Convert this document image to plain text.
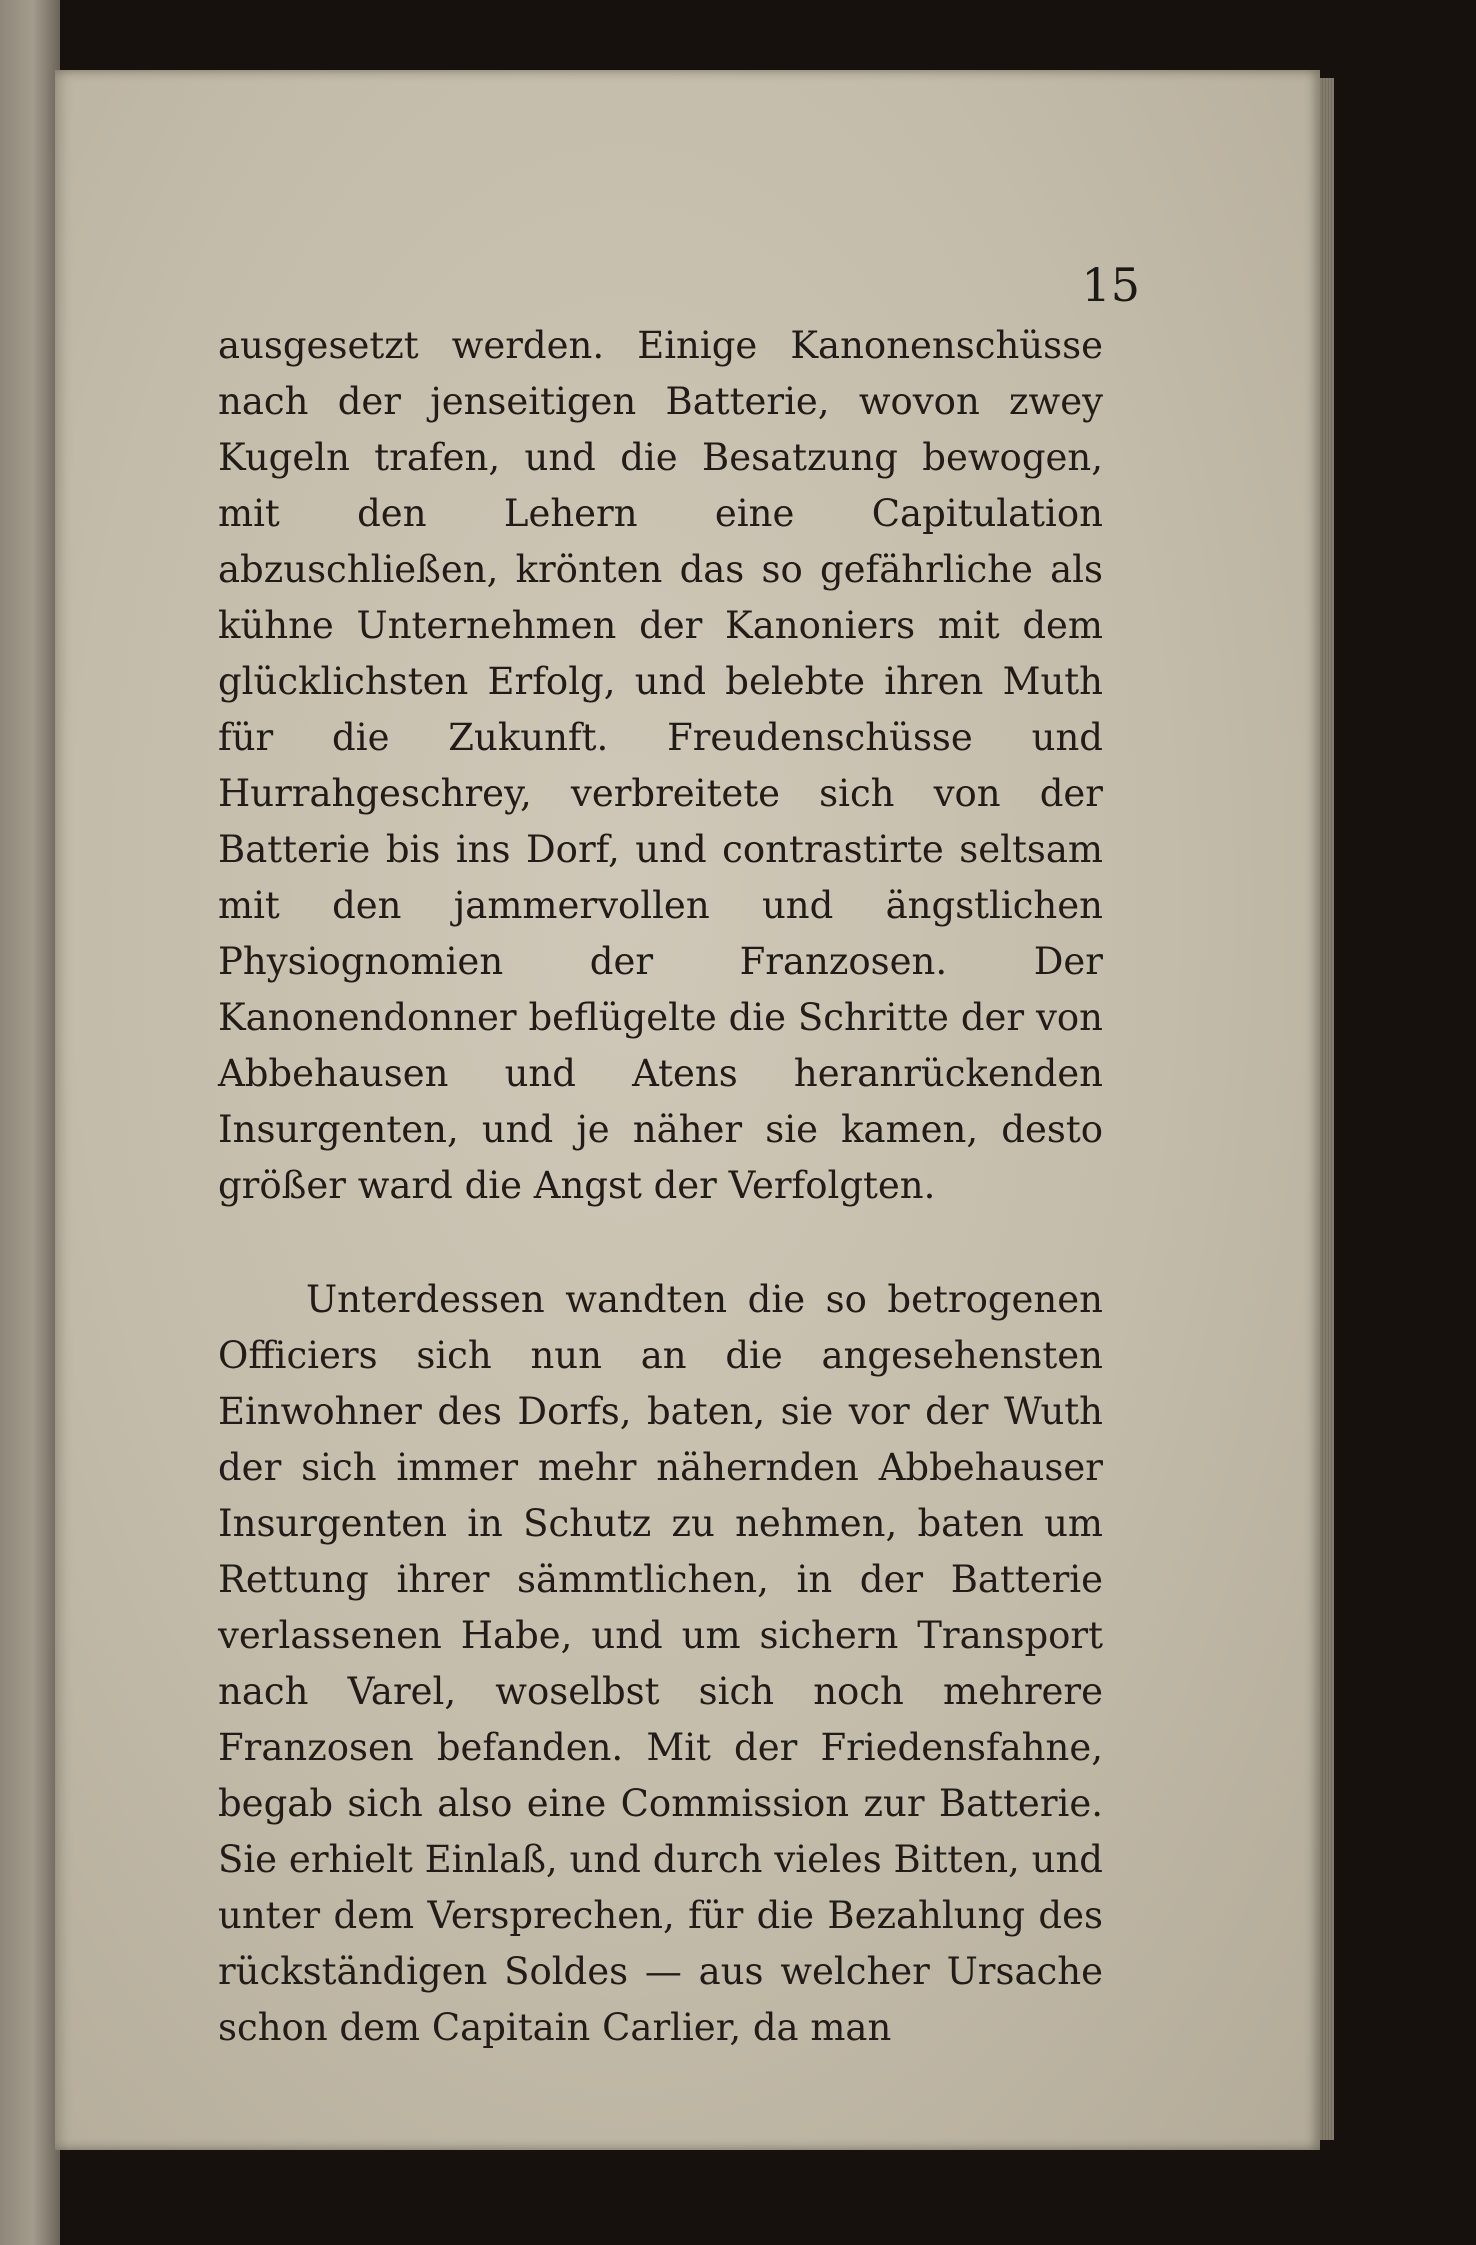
15

ausgesetzt werden. Einige Kanonenschüsse nach der jenseitigen Batterie, wovon zwey Kugeln trafen, und die Besatzung bewogen, mit den Lehern eine Capitulation abzuschließen, krönten das so gefährliche als kühne Unternehmen der Kanoniers mit dem glücklichsten Erfolg, und belebte ihren Muth für die Zukunft. Freudenschüsse und Hurrahgeschrey, verbreitete sich von der Batterie bis ins Dorf, und contrastirte seltsam mit den jammervollen und ängstlichen Physiognomien der Franzosen. Der Kanonendonner beflügelte die Schritte der von Abbehausen und Atens heranrückenden Insurgenten, und je näher sie kamen, desto größer ward die Angst der Verfolgten.

Unterdessen wandten die so betrogenen Officiers sich nun an die angesehensten Einwohner des Dorfs, baten, sie vor der Wuth der sich immer mehr nähernden Abbehauser Insurgenten in Schutz zu nehmen, baten um Rettung ihrer sämmtlichen, in der Batterie verlassenen Habe, und um sichern Transport nach Varel, woselbst sich noch mehrere Franzosen befanden. Mit der Friedensfahne, begab sich also eine Commission zur Batterie. Sie erhielt Einlaß, und durch vieles Bitten, und unter dem Versprechen, für die Bezahlung des rückständigen Soldes — aus welcher Ursache schon dem Capitain Carlier, da man
